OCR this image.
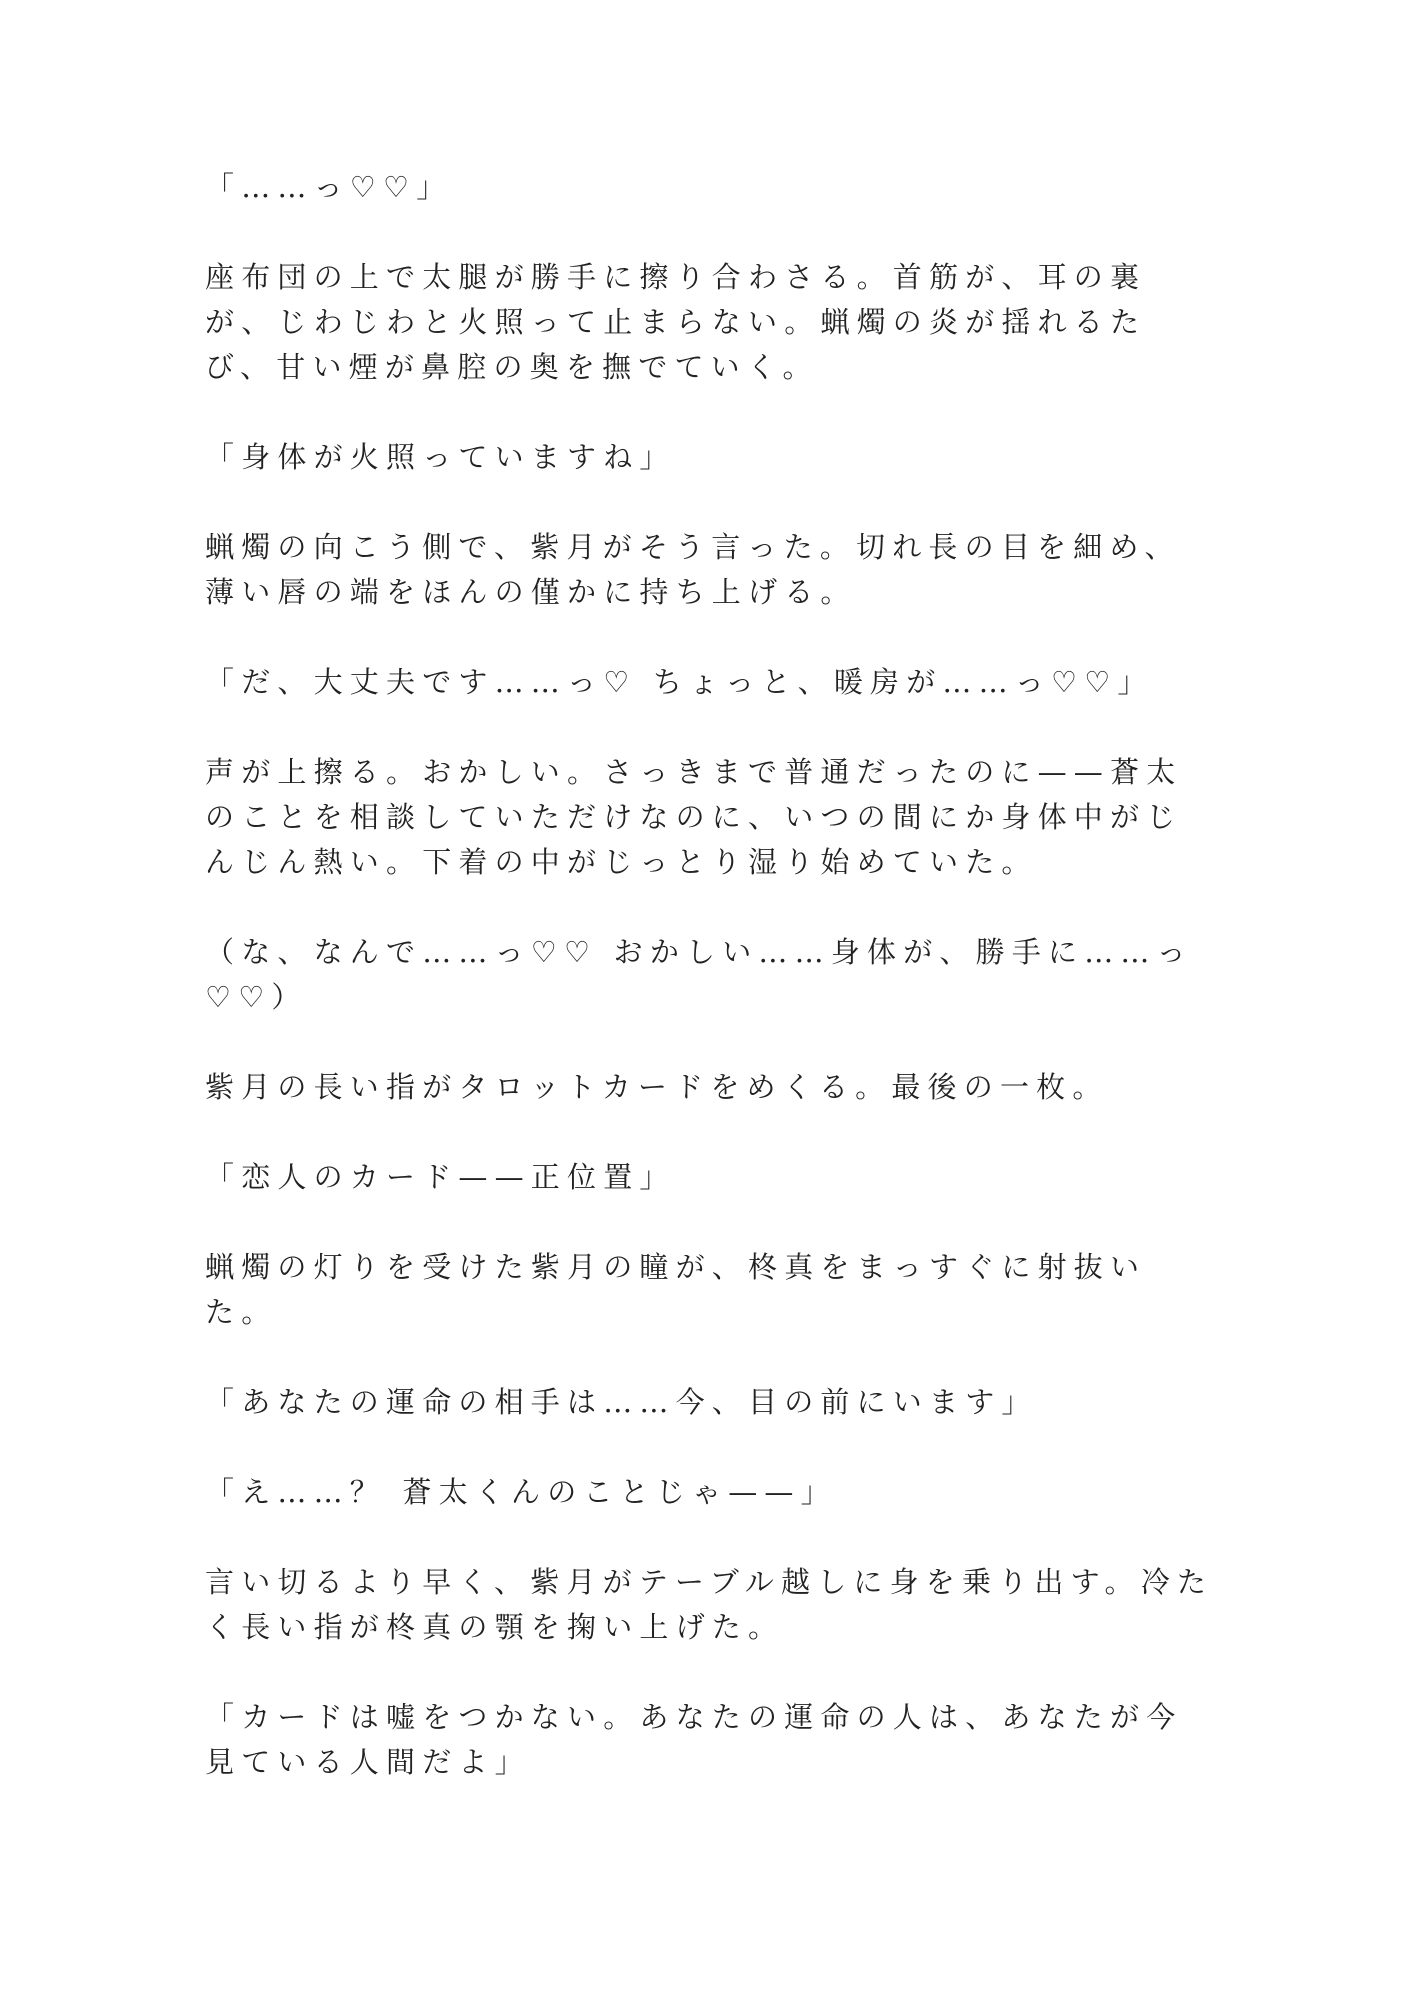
「……っ♡♡」

座布団の上で太腿が勝手に擦り合わさる。首筋が、耳の裏が、じわじわと火照って止まらない。蝋燭の炎が揺れるたび、甘い煙が鼻腔の奥を撫でていく。

「身体が火照っていますね」

蝋燭の向こう側で、紫月がそう言った。切れ長の目を細め、薄い唇の端をほんの僅かに持ち上げる。

「だ、大丈夫です……っ♡ ちょっと、暖房が……っ♡♡」

声が上擦る。おかしい。さっきまで普通だったのに——蒼太のことを相談していただけなのに、いつの間にか身体中がじんじん熱い。下着の中がじっとり湿り始めていた。

（な、なんで……っ♡♡ おかしい……身体が、勝手に……っ♡♡）

紫月の長い指がタロットカードをめくる。最後の一枚。

「恋人のカード——正位置」

蝋燭の灯りを受けた紫月の瞳が、柊真をまっすぐに射抜いた。

「あなたの運命の相手は……今、目の前にいます」

「え……？ 蒼太くんのことじゃ——」

言い切るより早く、紫月がテーブル越しに身を乗り出す。冷たく長い指が柊真の顎を掬い上げた。

「カードは嘘をつかない。あなたの運命の人は、あなたが今見ている人間だよ」
